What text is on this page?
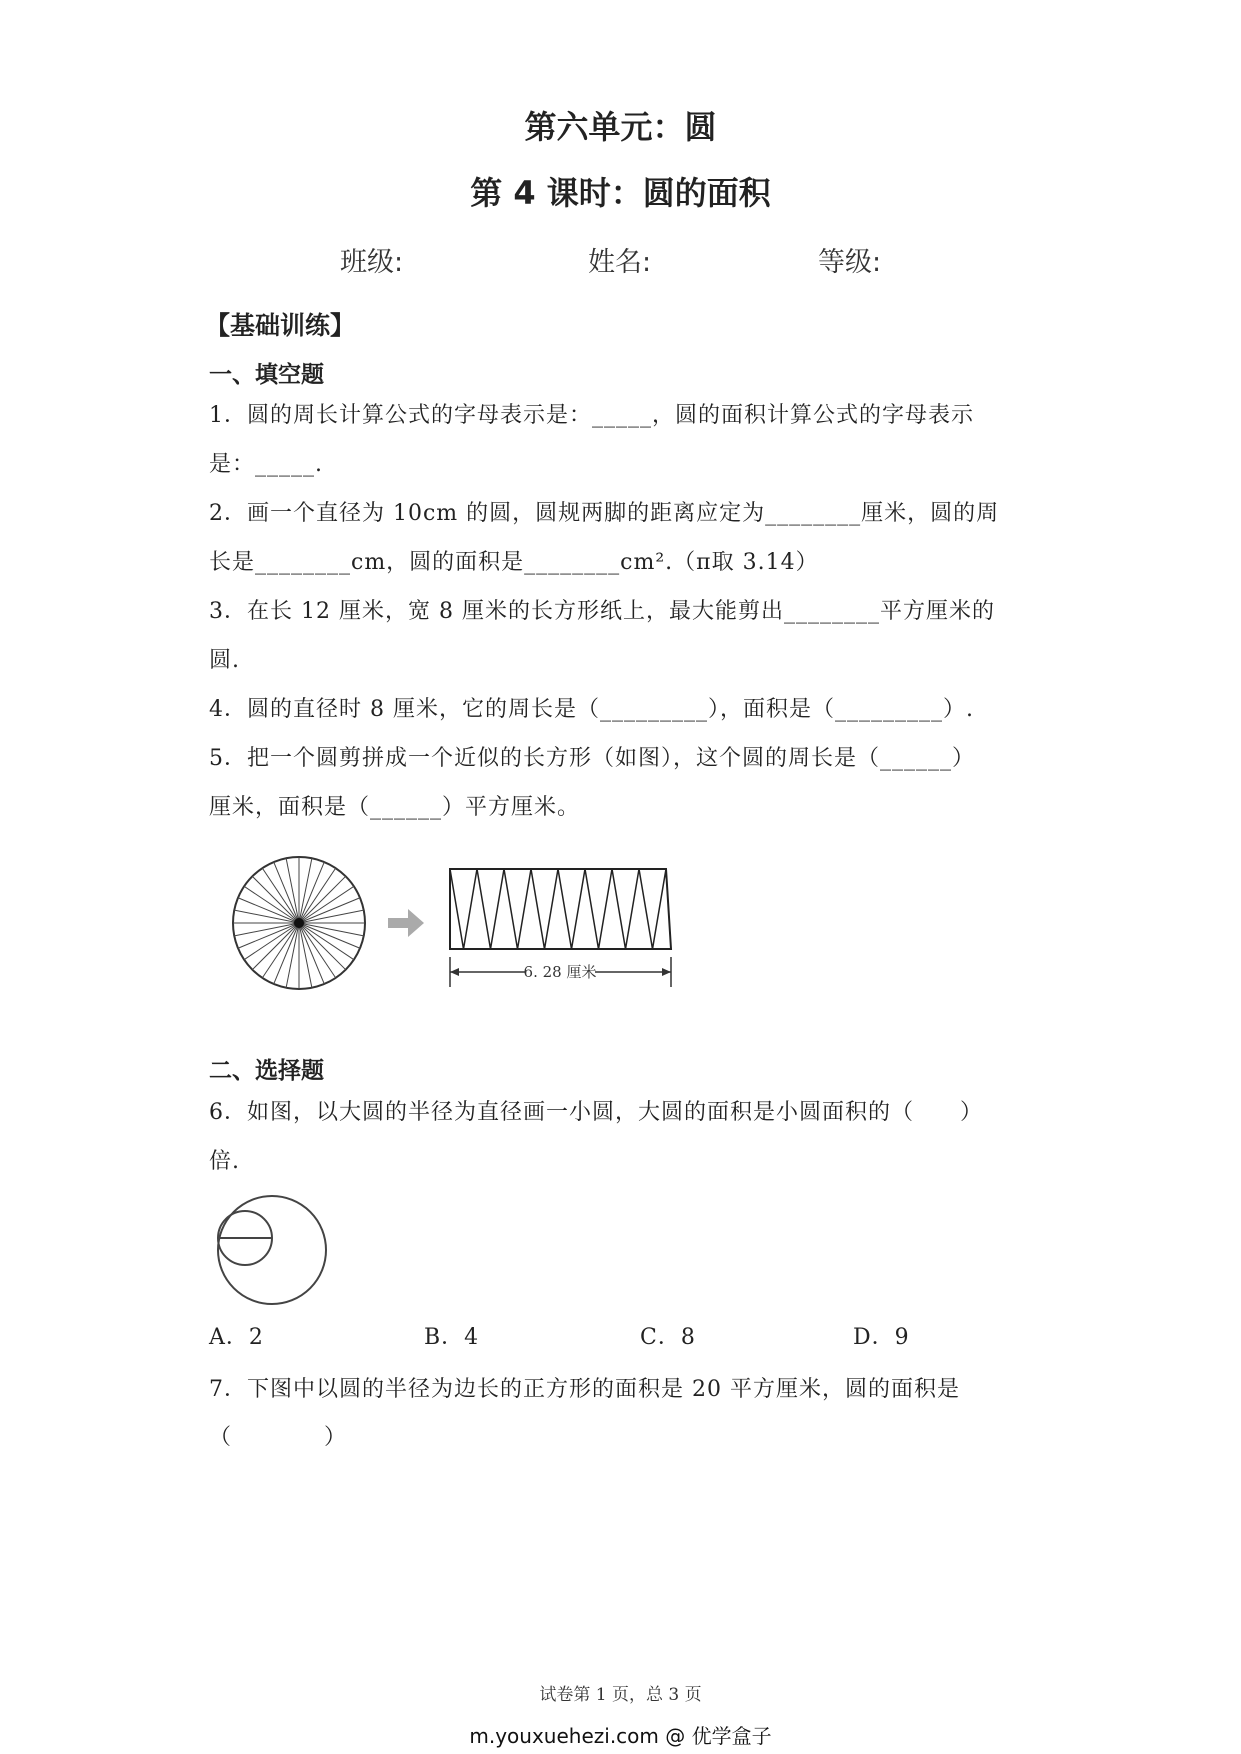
第六单元：圆
第 4 课时：圆的面积
班级:	姓名:	等级:
【基础训练】
一、填空题
1．圆的周长计算公式的字母表示是：_____，圆的面积计算公式的字母表示
是：_____.
2．画一个直径为 10cm 的圆，圆规两脚的距离应定为________厘米，圆的周
长是________cm，圆的面积是________cm².（π取 3.14）
3．在长 12 厘米，宽 8 厘米的长方形纸上，最大能剪出________平方厘米的
圆.
4．圆的直径时 8 厘米，它的周长是（_________），面积是（_________）.
5．把一个圆剪拼成一个近似的长方形（如图），这个圆的周长是（______）
厘米，面积是（______）平方厘米。
6. 28 厘米
二、选择题
6．如图，以大圆的半径为直径画一小圆，大圆的面积是小圆面积的（　　）
倍.
A．2	B．4	C．8	D．9
7．下图中以圆的半径为边长的正方形的面积是 20 平方厘米，圆的面积是
（　　　　）
试卷第 1 页，总 3 页
m.youxuehezi.com @ 优学盒子
